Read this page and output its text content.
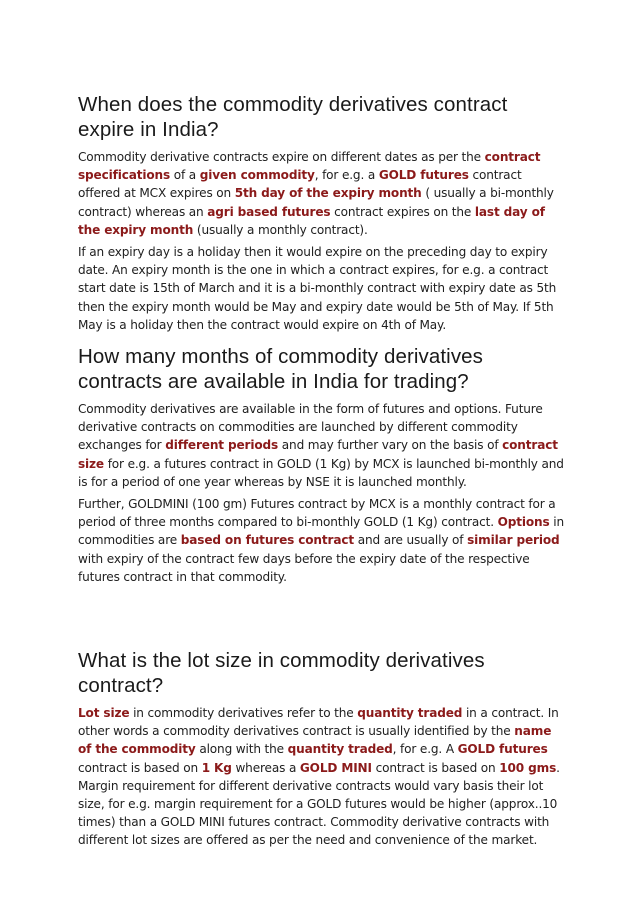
When does the commodity derivatives contract expire in India?

Commodity derivative contracts expire on different dates as per the contract specifications of a given commodity, for e.g. a GOLD futures contract offered at MCX expires on 5th day of the expiry month ( usually a bi-monthly contract) whereas an agri based futures contract expires on the last day of the expiry month (usually a monthly contract).

If an expiry day is a holiday then it would expire on the preceding day to expiry date. An expiry month is the one in which a contract expires, for e.g. a contract start date is 15th of March and it is a bi-monthly contract with expiry date as 5th then the expiry month would be May and expiry date would be 5th of May. If 5th May is a holiday then the contract would expire on 4th of May.

How many months of commodity derivatives contracts are available in India for trading?

Commodity derivatives are available in the form of futures and options. Future derivative contracts on commodities are launched by different commodity exchanges for different periods and may further vary on the basis of contract size for e.g. a futures contract in GOLD (1 Kg) by MCX is launched bi-monthly and is for a period of one year whereas by NSE it is launched monthly.

Further, GOLDMINI (100 gm) Futures contract by MCX is a monthly contract for a period of three months compared to bi-monthly GOLD (1 Kg) contract. Options in commodities are based on futures contract and are usually of similar period with expiry of the contract few days before the expiry date of the respective futures contract in that commodity.

What is the lot size in commodity derivatives contract?

Lot size in commodity derivatives refer to the quantity traded in a contract. In other words a commodity derivatives contract is usually identified by the name of the commodity along with the quantity traded, for e.g. A GOLD futures contract is based on 1 Kg whereas a GOLD MINI contract is based on 100 gms. Margin requirement for different derivative contracts would vary basis their lot size, for e.g. margin requirement for a GOLD futures would be higher (approx..10 times) than a GOLD MINI futures contract. Commodity derivative contracts with different lot sizes are offered as per the need and convenience of the market.
